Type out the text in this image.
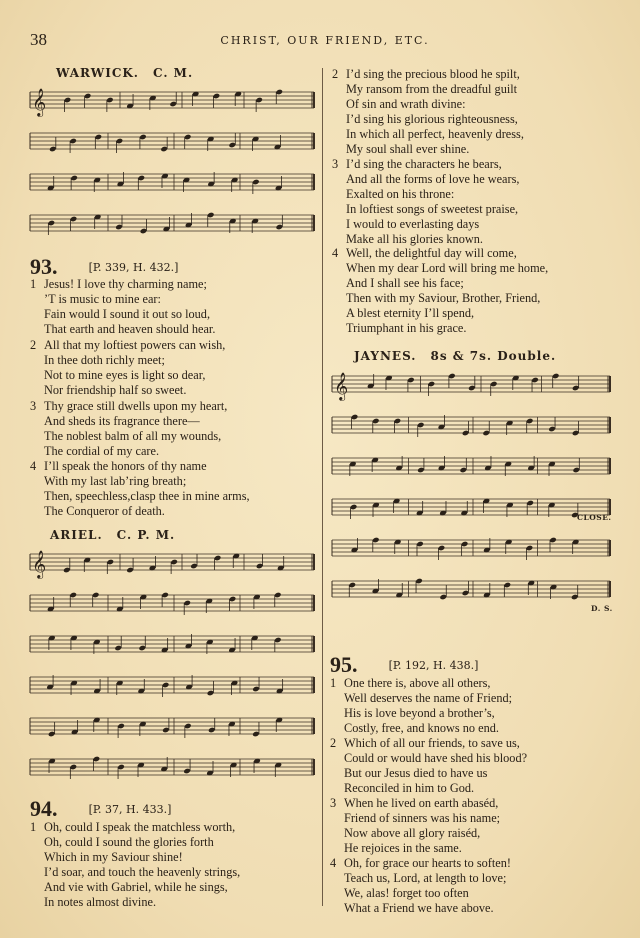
38	CHRIST, OUR FRIEND, ETC.
WARWICK. C. M.
𝄞
93.	[P. 339, H. 432.]
1 Jesus! I love thy charming name;
’T is music to mine ear:
Fain would I sound it out so loud,
That earth and heaven should hear.
2 All that my loftiest powers can wish,
In thee doth richly meet;
Not to mine eyes is light so dear,
Nor friendship half so sweet.
3 Thy grace still dwells upon my heart,
And sheds its fragrance there—
The noblest balm of all my wounds,
The cordial of my care.
4 I’ll speak the honors of thy name
With my last lab’ring breath;
Then, speechless,clasp thee in mine arms,
The Conqueror of death.
ARIEL. C. P. M.
𝄞
94.	[P. 37, H. 433.]
1 Oh, could I speak the matchless worth,
Oh, could I sound the glories forth
Which in my Saviour shine!
I’d soar, and touch the heavenly strings,
And vie with Gabriel, while he sings,
In notes almost divine.
2 I’d sing the precious blood he spilt,
My ransom from the dreadful guilt
Of sin and wrath divine:
I’d sing his glorious righteousness,
In which all perfect, heavenly dress,
My soul shall ever shine.
3 I’d sing the characters he bears,
And all the forms of love he wears,
Exalted on his throne:
In loftiest songs of sweetest praise,
I would to everlasting days
Make all his glories known.
4 Well, the delightful day will come,
When my dear Lord will bring me home,
And I shall see his face;
Then with my Saviour, Brother, Friend,
A blest eternity I’ll spend,
Triumphant in his grace.
JAYNES. 8s & 7s. Double.
𝄞
CLOSE.
D. S.
95.	[P. 192, H. 438.]
1 One there is, above all others,
Well deserves the name of Friend;
His is love beyond a brother’s,
Costly, free, and knows no end.
2 Which of all our friends, to save us,
Could or would have shed his blood?
But our Jesus died to have us
Reconciled in him to God.
3 When he lived on earth abaséd,
Friend of sinners was his name;
Now above all glory raiséd,
He rejoices in the same.
4 Oh, for grace our hearts to soften!
Teach us, Lord, at length to love;
We, alas! forget too often
What a Friend we have above.
